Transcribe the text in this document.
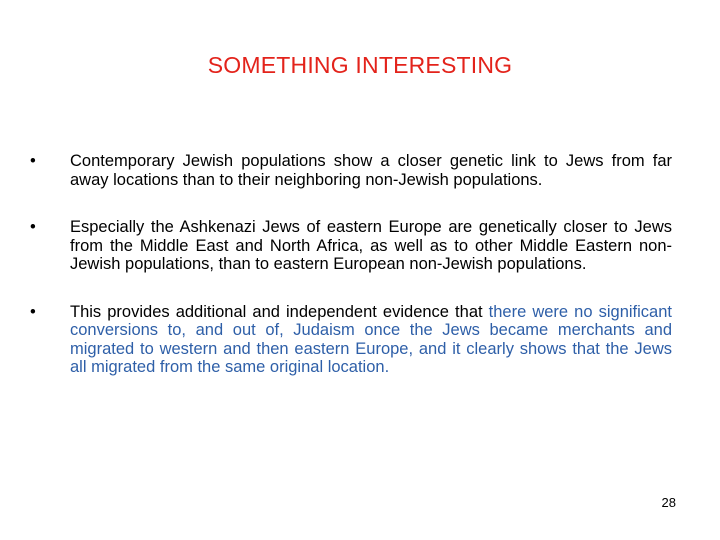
SOMETHING INTERESTING
•	Contemporary Jewish populations show a closer genetic link to Jews from far away locations than to their neighboring non-Jewish populations.
•	Especially the Ashkenazi Jews of eastern Europe are genetically closer to Jews from the Middle East and North Africa, as well as to other Middle Eastern non-Jewish populations, than to eastern European non-Jewish populations.
•	This provides additional and independent evidence that there were no significant conversions to, and out of, Judaism once the Jews became merchants and migrated to western and then eastern Europe, and it clearly shows that the Jews all migrated from the same original location.
28
